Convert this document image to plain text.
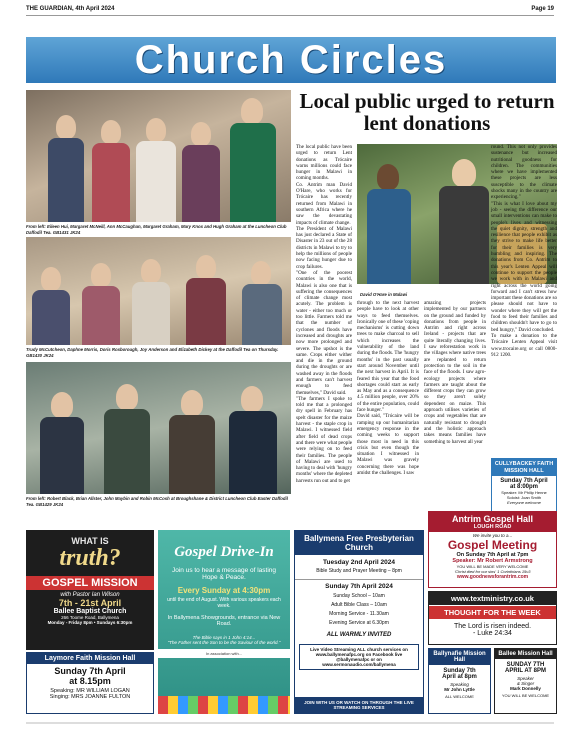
THE GUARDIAN, 4th April 2024	Page 19
Church Circles
From left: Eileen Hui, Margaret McNeill, Ann McCaughan, Margaret Graham, Mary Knox and Hugh Graham at the Luncheon Club Daffodil Tea. GB1431 JK24
Trudy McCutcheon, Daphne Morris, Doris Roxborough, Joy Anderson and Elizabeth Dickey at the Daffodil Tea on Thursday. GB1430 JK24
From left: Robert Black, Brian Allster, John Maybin and Robin McCosh at Broughshane & District Luncheon Club Easter Daffodil Tea. GB1429 JK24
Local public urged to return lent donations
The local public have been urged to return Lent donations as Trócaire warns millions could face hunger in Malawi in coming months.
Co. Antrim man David O'Hare, who works for Trócaire has recently returned from Malawi in southern Africa where he saw the devastating impacts of climate change.
The President of Malawi has just declared a State of Disaster in 23 out of the 28 districts in Malawi to try to help the millions of people now facing hunger due to crop failures.
"One of the poorest countries in the world, Malawi is also one that is suffering the consequences of climate change most acutely. The problem is water - either too much or too little. Farmers told me that the number of cyclones and floods have increased and droughts are now more prolonged and severe. The upshot is the same. Crops either wither and die in the ground during the droughts or are washed away in the floods and farmers can't harvest enough to feed themselves," David said.
"The farmers I spoke to told me that a prolonged dry spell in February has spelt disaster for the maize harvest - the staple crop in Malawi. I witnessed field after field of dead crops and there were what people were relying on to feed their families. The people of Malawi are used to having to deal with 'hungry months' where the depleted harvests run out and to get
David O'Hare in Malawi
through to the next harvest people have to look at other ways to feed themselves. Ironically one of these 'coping mechanisms' is cutting down trees to make charcoal to sell which increases the vulnerability of the land during the floods. The 'hungry months' in the past usually start around November until the next harvest in April. It is feared this year that the food shortages could start as early as May and as a consequence 4.5 million people, over 20% of the entire population, could face hunger."
David said, "Trócaire will be ramping up our humanitarian emergency response in the coming weeks to support those most in need in this crisis but even though the situation I witnessed in Malawi was gravely concerning there was hope amidst the challenges. I saw
amazing projects implemented by our partners on the ground and funded by donations from people in Antrim and right across Ireland - projects that are quite literally changing lives. I saw reforestation work in the villages where native trees are replanted to return protection to the soil in the face of the floods. I saw agro-ecology projects where farmers are taught about the different crops they can grow so they aren't solely dependent on maize. This approach utilises varieties of crops and vegetables that are naturally resistant to drought and the holistic approach takes means families have something to harvest all year
round. This not only provides sustenance but increased nutritional goodness for children. The communities where we have implemented these projects are less susceptible to the climate shocks many in the country are experiencing."
"This is what I love about my job - seeing the difference our small interventions can make to people's lives and witnessing the quiet dignity, strength and resilience that people exhibit as they strive to make life better for their families is very humbling and inspiring. The donations from Co. Antrim to this year's Lenten Appeal will continue to support the people we work with in Malawi and right across the world going forward and I can't stress how important these donations are so please should not have to wonder where they will get the food to feed their families and children shouldn't have to go to bed hungry," David concluded.
To make a donation to the Trócaire Lenten Appeal visit www.trocaire.org or call 0800-912 1200.
CULLYBACKEY FAITH MISSION HALL
Sunday 7th April
at 8:00pm
Speaker: Mr Philip Henne
Soloist: Joan Smith
Everyone welcome
WHAT IS
truth?
GOSPEL MISSION
with Pastor Ian Wilson
7th - 21st April
Ballee Baptist Church
266 Toome Road, Ballymena
Monday - Friday 8pm • Sundays 6:30pm
Laymore Faith Mission Hall
Sunday 7th April
at 8.15pm
Speaking: MR WILLIAM LOGAN
Singing: MRS JOANNE FULTON
Gospel Drive-In
Join us to hear a message of lasting Hope & Peace.
Every Sunday at 4:30pm
until the end of August. With various speakers each week.
In Ballymena Showgrounds, entrance via New Road.
The Bible says in 1 John 4:14...
"The Father sent the Son to be the Saviour of the world."
In association with...
Ballymena Free Presbyterian Church
Tuesday 2nd April 2024
Bible Study and Prayer Meeting – 8pm
Sunday 7th April 2024
Sunday School – 10am
Adult Bible Class – 10am
Morning Service - 11.30am
Evening Service at 6.30pm
ALL WARMLY INVITED
Live Video Streaming ALL church services on www.ballymenafpc.org on Facebook live @ballymenafpc or on www.sermonaudio.com/ballymena
JOIN WITH US OR WATCH ON THROUGH THE LIVE STREAMING SERVICES
Antrim Gospel Hall
LOUGH ROAD
We invite you to a...
Gospel Meeting
On Sunday 7th April at 7pm
Speaker: Mr Robert Armstrong
YOU WILL BE MADE VERY WELCOME
'Christ died for our sins' 1 Corinthians 15v3
www.goodnewsforantrim.com
www.textministry.co.uk
THOUGHT FOR THE WEEK
The Lord is risen indeed.
- Luke 24:34
Ballynafie Mission Hall
Sunday 7th
April at 8pm
Speaking
Mr John Lyttle
ALL WELCOME
Ballee Mission Hall
SUNDAY 7TH
APRIL AT 8PM
Speaker
& Singer
Mark Donnelly
YOU WILL BE WELCOME
